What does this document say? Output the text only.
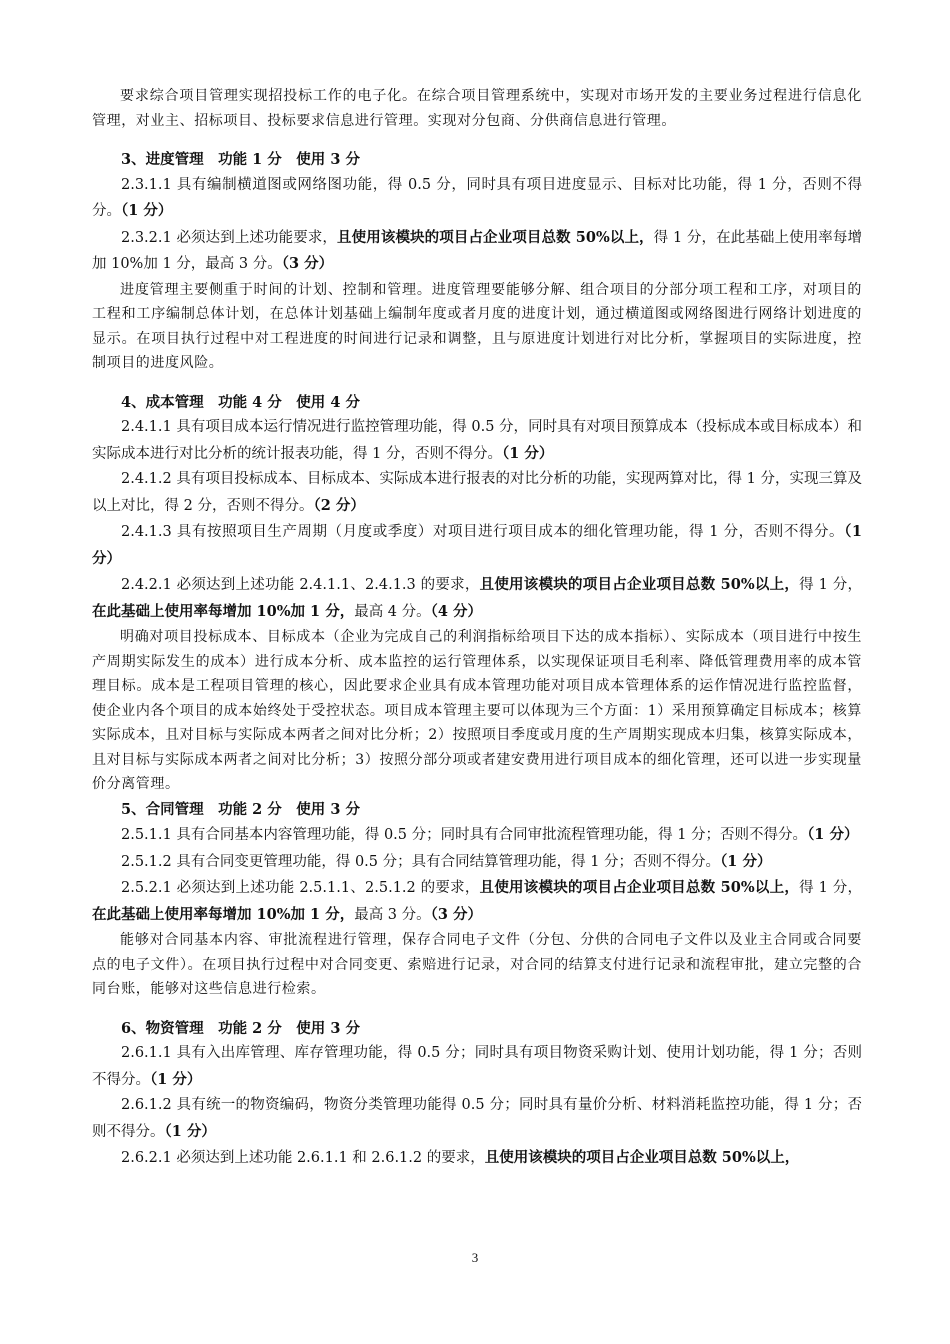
要求综合项目管理实现招投标工作的电子化。在综合项目管理系统中，实现对市场开发的主要业务过程进行信息化管理，对业主、招标项目、投标要求信息进行管理。实现对分包商、分供商信息进行管理。

3、进度管理　功能 1 分　使用 3 分

2.3.1.1 具有编制横道图或网络图功能，得 0.5 分，同时具有项目进度显示、目标对比功能，得 1 分，否则不得分。（1 分）

2.3.2.1 必须达到上述功能要求，且使用该模块的项目占企业项目总数 50%以上，得 1 分，在此基础上使用率每增加 10%加 1 分，最高 3 分。（3 分）

进度管理主要侧重于时间的计划、控制和管理。进度管理要能够分解、组合项目的分部分项工程和工序，对项目的工程和工序编制总体计划，在总体计划基础上编制年度或者月度的进度计划，通过横道图或网络图进行网络计划进度的显示。在项目执行过程中对工程进度的时间进行记录和调整，且与原进度计划进行对比分析，掌握项目的实际进度，控制项目的进度风险。

4、成本管理　功能 4 分　使用 4 分

2.4.1.1 具有项目成本运行情况进行监控管理功能，得 0.5 分，同时具有对项目预算成本（投标成本或目标成本）和实际成本进行对比分析的统计报表功能，得 1 分，否则不得分。（1 分）

2.4.1.2 具有项目投标成本、目标成本、实际成本进行报表的对比分析的功能，实现两算对比，得 1 分，实现三算及以上对比，得 2 分，否则不得分。（2 分）

2.4.1.3 具有按照项目生产周期（月度或季度）对项目进行项目成本的细化管理功能，得 1 分，否则不得分。（1 分）

2.4.2.1 必须达到上述功能 2.4.1.1、2.4.1.3 的要求，且使用该模块的项目占企业项目总数 50%以上，得 1 分，在此基础上使用率每增加 10%加 1 分，最高 4 分。（4 分）

明确对项目投标成本、目标成本（企业为完成自己的利润指标给项目下达的成本指标）、实际成本（项目进行中按生产周期实际发生的成本）进行成本分析、成本监控的运行管理体系，以实现保证项目毛利率、降低管理费用率的成本管理目标。成本是工程项目管理的核心，因此要求企业具有成本管理功能对项目成本管理体系的运作情况进行监控监督，使企业内各个项目的成本始终处于受控状态。项目成本管理主要可以体现为三个方面：1）采用预算确定目标成本；核算实际成本，且对目标与实际成本两者之间对比分析；2）按照项目季度或月度的生产周期实现成本归集，核算实际成本，且对目标与实际成本两者之间对比分析；3）按照分部分项或者建安费用进行项目成本的细化管理，还可以进一步实现量价分离管理。

5、合同管理　功能 2 分　使用 3 分

2.5.1.1 具有合同基本内容管理功能，得 0.5 分；同时具有合同审批流程管理功能，得 1 分；否则不得分。（1 分）

2.5.1.2 具有合同变更管理功能，得 0.5 分；具有合同结算管理功能，得 1 分；否则不得分。（1 分）

2.5.2.1 必须达到上述功能 2.5.1.1、2.5.1.2 的要求，且使用该模块的项目占企业项目总数 50%以上，得 1 分，在此基础上使用率每增加 10%加 1 分，最高 3 分。（3 分）

能够对合同基本内容、审批流程进行管理，保存合同电子文件（分包、分供的合同电子文件以及业主合同或合同要点的电子文件）。在项目执行过程中对合同变更、索赔进行记录，对合同的结算支付进行记录和流程审批，建立完整的合同台账，能够对这些信息进行检索。

6、物资管理　功能 2 分　使用 3 分

2.6.1.1 具有入出库管理、库存管理功能，得 0.5 分；同时具有项目物资采购计划、使用计划功能，得 1 分；否则不得分。（1 分）

2.6.1.2 具有统一的物资编码，物资分类管理功能得 0.5 分；同时具有量价分析、材料消耗监控功能，得 1 分；否则不得分。（1 分）

2.6.2.1 必须达到上述功能 2.6.1.1 和 2.6.1.2 的要求，且使用该模块的项目占企业项目总数 50%以上，

3
